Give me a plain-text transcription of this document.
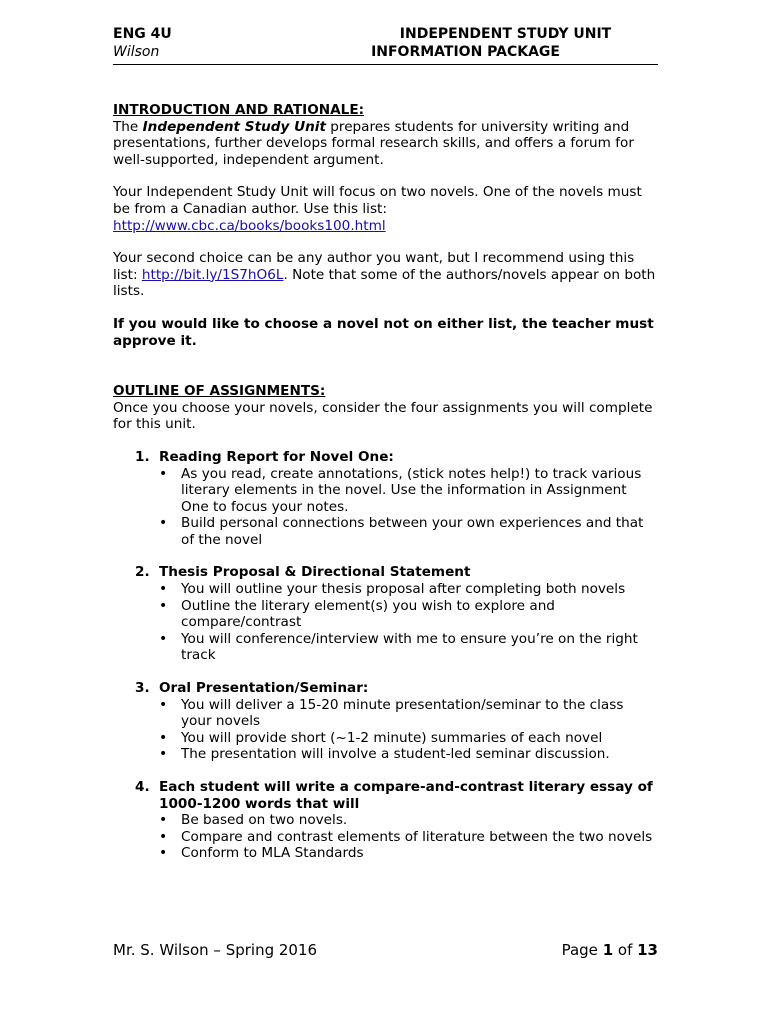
ENG 4U	INDEPENDENT STUDY UNIT
Wilson	INFORMATION PACKAGE
INTRODUCTION AND RATIONALE:

The Independent Study Unit prepares students for university writing and presentations, further develops formal research skills, and offers a forum for well-supported, independent argument.

Your Independent Study Unit will focus on two novels. One of the novels must be from a Canadian author. Use this list:
http://www.cbc.ca/books/books100.html

Your second choice can be any author you want, but I recommend using this list: http://bit.ly/1S7hO6L. Note that some of the authors/novels appear on both lists.

If you would like to choose a novel not on either list, the teacher must approve it.

OUTLINE OF ASSIGNMENTS:

Once you choose your novels, consider the four assignments you will complete for this unit.

1. Reading Report for Novel One:
• As you read, create annotations, (stick notes help!) to track various literary elements in the novel. Use the information in Assignment One to focus your notes.
• Build personal connections between your own experiences and that of the novel
2. Thesis Proposal & Directional Statement
• You will outline your thesis proposal after completing both novels
• Outline the literary element(s) you wish to explore and compare/contrast
• You will conference/interview with me to ensure you’re on the right track
3. Oral Presentation/Seminar:
• You will deliver a 15-20 minute presentation/seminar to the class your novels
• You will provide short (~1-2 minute) summaries of each novel
• The presentation will involve a student-led seminar discussion.
4. Each student will write a compare-and-contrast literary essay of 1000-1200 words that will
• Be based on two novels.
• Compare and contrast elements of literature between the two novels
• Conform to MLA Standards
Mr. S. Wilson – Spring 2016	Page 1 of 13
